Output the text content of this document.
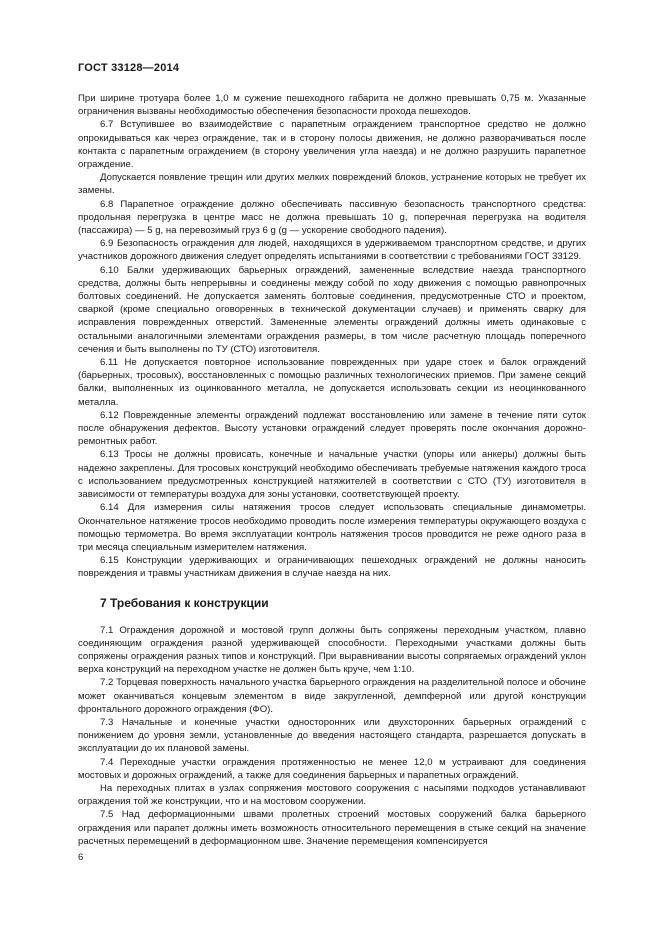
ГОСТ 33128—2014

При ширине тротуара более 1,0 м сужение пешеходного габарита не должно превышать 0,75 м. Указанные ограничения вызваны необходимостью обеспечения безопасности прохода пешеходов.

6.7 Вступившее во взаимодействие с парапетным ограждением транспортное средство не должно опрокидываться как через ограждение, так и в сторону полосы движения, не должно разворачиваться после контакта с парапетным ограждением (в сторону увеличения угла наезда) и не должно разрушить парапетное ограждение.

Допускается появление трещин или других мелких повреждений блоков, устранение которых не требует их замены.

6.8 Парапетное ограждение должно обеспечивать пассивную безопасность транспортного средства: продольная перегрузка в центре масс не должна превышать 10 g, поперечная перегрузка на водителя (пассажира) — 5 g, на перевозимый груз 6 g (g — ускорение свободного падения).

6.9 Безопасность ограждения для людей, находящихся в удерживаемом транспортном средстве, и других участников дорожного движения следует определять испытаниями в соответствии с требованиями ГОСТ 33129.

6.10 Балки удерживающих барьерных ограждений, замененные вследствие наезда транспортного средства, должны быть непрерывны и соединены между собой по ходу движения с помощью равнопрочных болтовых соединений. Не допускается заменять болтовые соединения, предусмотренные СТО и проектом, сваркой (кроме специально оговоренных в технической документации случаев) и применять сварку для исправления поврежденных отверстий. Замененные элементы ограждений должны иметь одинаковые с остальными аналогичными элементами ограждения размеры, в том числе расчетную площадь поперечного сечения и быть выполнены по ТУ (СТО) изготовителя.

6.11 Не допускается повторное использование поврежденных при ударе стоек и балок ограждений (барьерных, тросовых), восстановленных с помощью различных технологических приемов. При замене секций балки, выполненных из оцинкованного металла, не допускается использовать секции из неоцинкованного металла.

6.12 Поврежденные элементы ограждений подлежат восстановлению или замене в течение пяти суток после обнаружения дефектов. Высоту установки ограждений следует проверять после окончания дорожно-ремонтных работ.

6.13 Тросы не должны провисать, конечные и начальные участки (упоры или анкеры) должны быть надежно закреплены. Для тросовых конструкций необходимо обеспечивать требуемые натяжения каждого троса с использованием предусмотренных конструкцией натяжителей в соответствии с СТО (ТУ) изготовителя в зависимости от температуры воздуха для зоны установки, соответствующей проекту.

6.14 Для измерения силы натяжения тросов следует использовать специальные динамометры. Окончательное натяжение тросов необходимо проводить после измерения температуры окружающего воздуха с помощью термометра. Во время эксплуатации контроль натяжения тросов проводится не реже одного раза в три месяца специальным измерителем натяжения.

6.15 Конструкции удерживающих и ограничивающих пешеходных ограждений не должны наносить повреждения и травмы участникам движения в случае наезда на них.

7 Требования к конструкции

7.1 Ограждения дорожной и мостовой групп должны быть сопряжены переходным участком, плавно соединяющим ограждения разной удерживающей способности. Переходными участками должны быть сопряжены ограждения разных типов и конструкций. При выравнивании высоты сопрягаемых ограждений уклон верха конструкций на переходном участке не должен быть круче, чем 1:10.

7.2 Торцевая поверхность начального участка барьерного ограждения на разделительной полосе и обочине может оканчиваться концевым элементом в виде закругленной, демпферной или другой конструкции фронтального дорожного ограждения (ФО).

7.3 Начальные и конечные участки односторонних или двухсторонних барьерных ограждений с понижением до уровня земли, установленные до введения настоящего стандарта, разрешается допускать в эксплуатации до их плановой замены.

7.4 Переходные участки ограждения протяженностью не менее 12,0 м устраивают для соединения мостовых и дорожных ограждений, а также для соединения барьерных и парапетных ограждений.

На переходных плитах в узлах сопряжения мостового сооружения с насыпями подходов устанавливают ограждения той же конструкции, что и на мостовом сооружении.

7.5 Над деформационными швами пролетных строений мостовых сооружений балка барьерного ограждения или парапет должны иметь возможность относительного перемещения в стыке секций на значение расчетных перемещений в деформационном шве. Значение перемещения компенсируется

6
